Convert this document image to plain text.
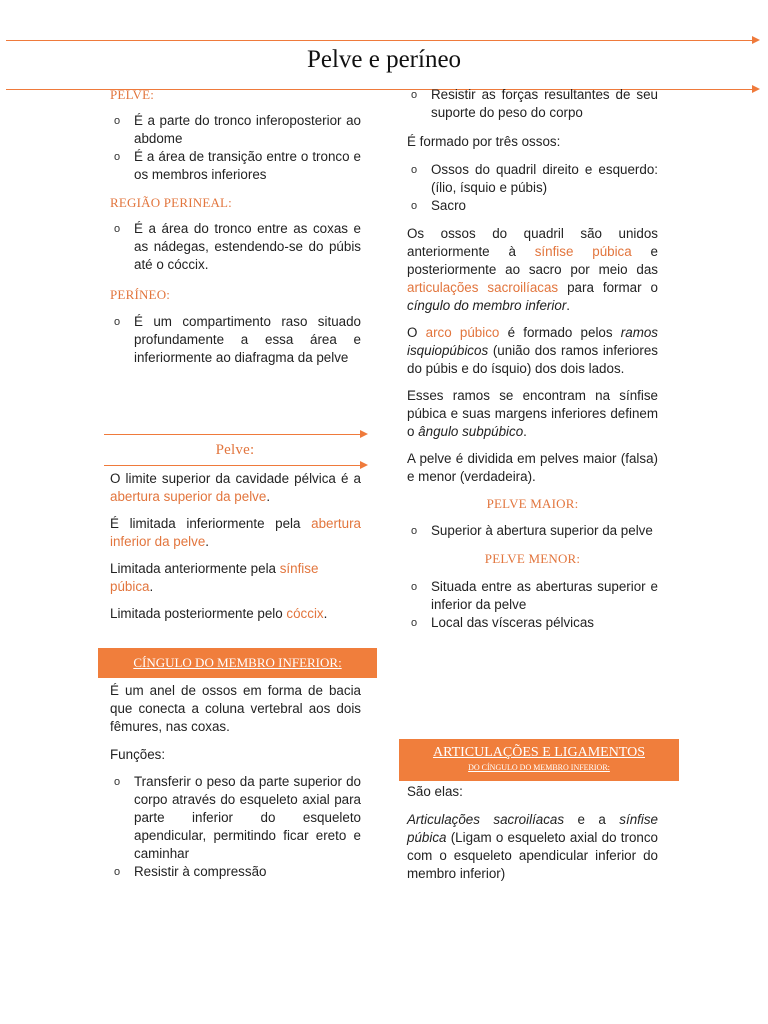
Pelve e períneo
PELVE:
o É a parte do tronco inferoposterior ao abdome
o É a área de transição entre o tronco e os membros inferiores
REGIÃO PERINEAL:
o É a área do tronco entre as coxas e as nádegas, estendendo-se do púbis até o cóccix.
PERÍNEO:
o É um compartimento raso situado profundamente a essa área e inferiormente ao diafragma da pelve
Pelve:

O limite superior da cavidade pélvica é a abertura superior da pelve.

É limitada inferiormente pela abertura inferior da pelve.

Limitada anteriormente pela sínfise púbica.

Limitada posteriormente pelo cóccix.

CÍNGULO DO MEMBRO INFERIOR:

É um anel de ossos em forma de bacia que conecta a coluna vertebral aos dois fêmures, nas coxas.

Funções:

o Transferir o peso da parte superior do corpo através do esqueleto axial para parte inferior do esqueleto apendicular, permitindo ficar ereto e caminhar
o Resistir à compressão
o Resistir as forças resultantes de seu suporte do peso do corpo

É formado por três ossos:

o Ossos do quadril direito e esquerdo: (ílio, ísquio e púbis)
o Sacro

Os ossos do quadril são unidos anteriormente à sínfise púbica e posteriormente ao sacro por meio das articulações sacroilíacas para formar o cíngulo do membro inferior.

O arco púbico é formado pelos ramos isquiopúbicos (união dos ramos inferiores do púbis e do ísquio) dos dois lados.

Esses ramos se encontram na sínfise púbica e suas margens inferiores definem o ângulo subpúbico.

A pelve é dividida em pelves maior (falsa) e menor (verdadeira).

PELVE MAIOR:
o Superior à abertura superior da pelve
PELVE MENOR:
o Situada entre as aberturas superior e inferior da pelve
o Local das vísceras pélvicas
ARTICULAÇÕES E LIGAMENTOS
DO CÍNGULO DO MEMBRO INFERIOR:

São elas:

Articulações sacroilíacas e a sínfise púbica (Ligam o esqueleto axial do tronco com o esqueleto apendicular inferior do membro inferior)
